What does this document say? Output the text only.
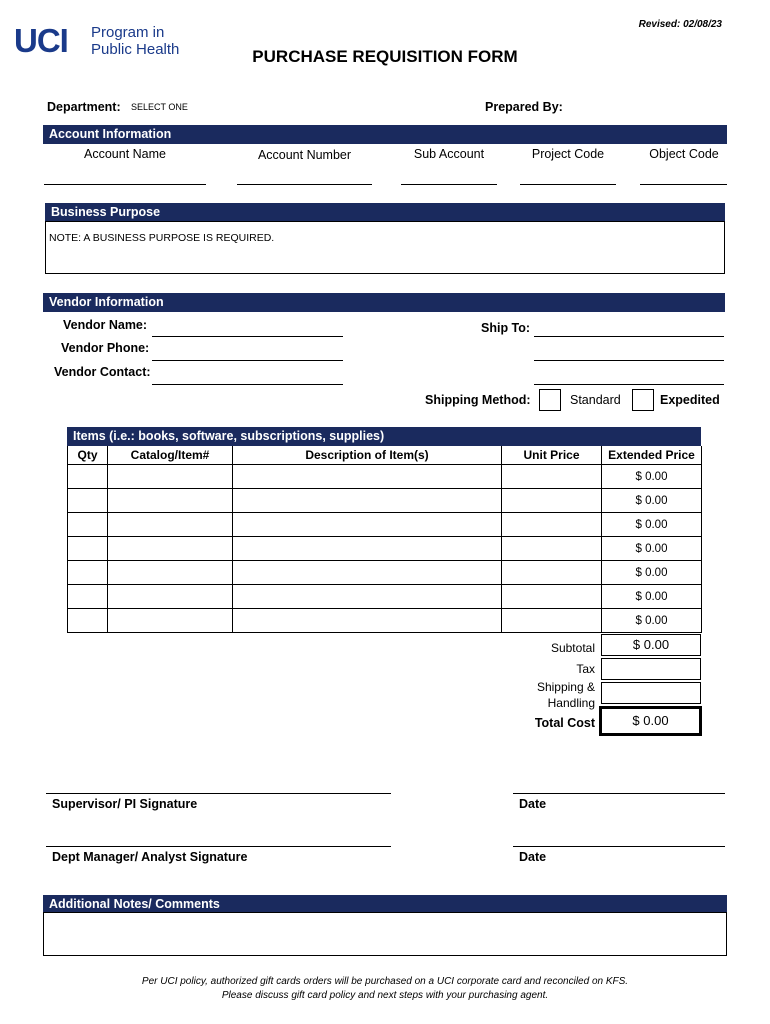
UCI Program in
Public Health
Revised: 02/08/23
PURCHASE REQUISITION FORM
Department: SELECT ONE	Prepared By:
Account Information
Account Name	Account Number	Sub Account	Project Code	Object Code
Business Purpose
NOTE: A BUSINESS PURPOSE IS REQUIRED.
Vendor Information
Vendor Name:
Vendor Phone:
Vendor Contact:
Ship To:
Shipping Method:	Standard	Expedited
Items (i.e.: books, software, subscriptions, supplies)
Qty	Catalog/Item#	Description of Item(s)	Unit Price	Extended Price
				$ 0.00
				$ 0.00
				$ 0.00
				$ 0.00
				$ 0.00
				$ 0.00
				$ 0.00
Subtotal	$ 0.00
Tax
Shipping &
Handling
Total Cost	$ 0.00
Supervisor/ PI Signature	Date
Dept Manager/ Analyst Signature	Date
Additional Notes/ Comments
Per UCI policy, authorized gift cards orders will be purchased on a UCI corporate card and reconciled on KFS.
Please discuss gift card policy and next steps with your purchasing agent.
